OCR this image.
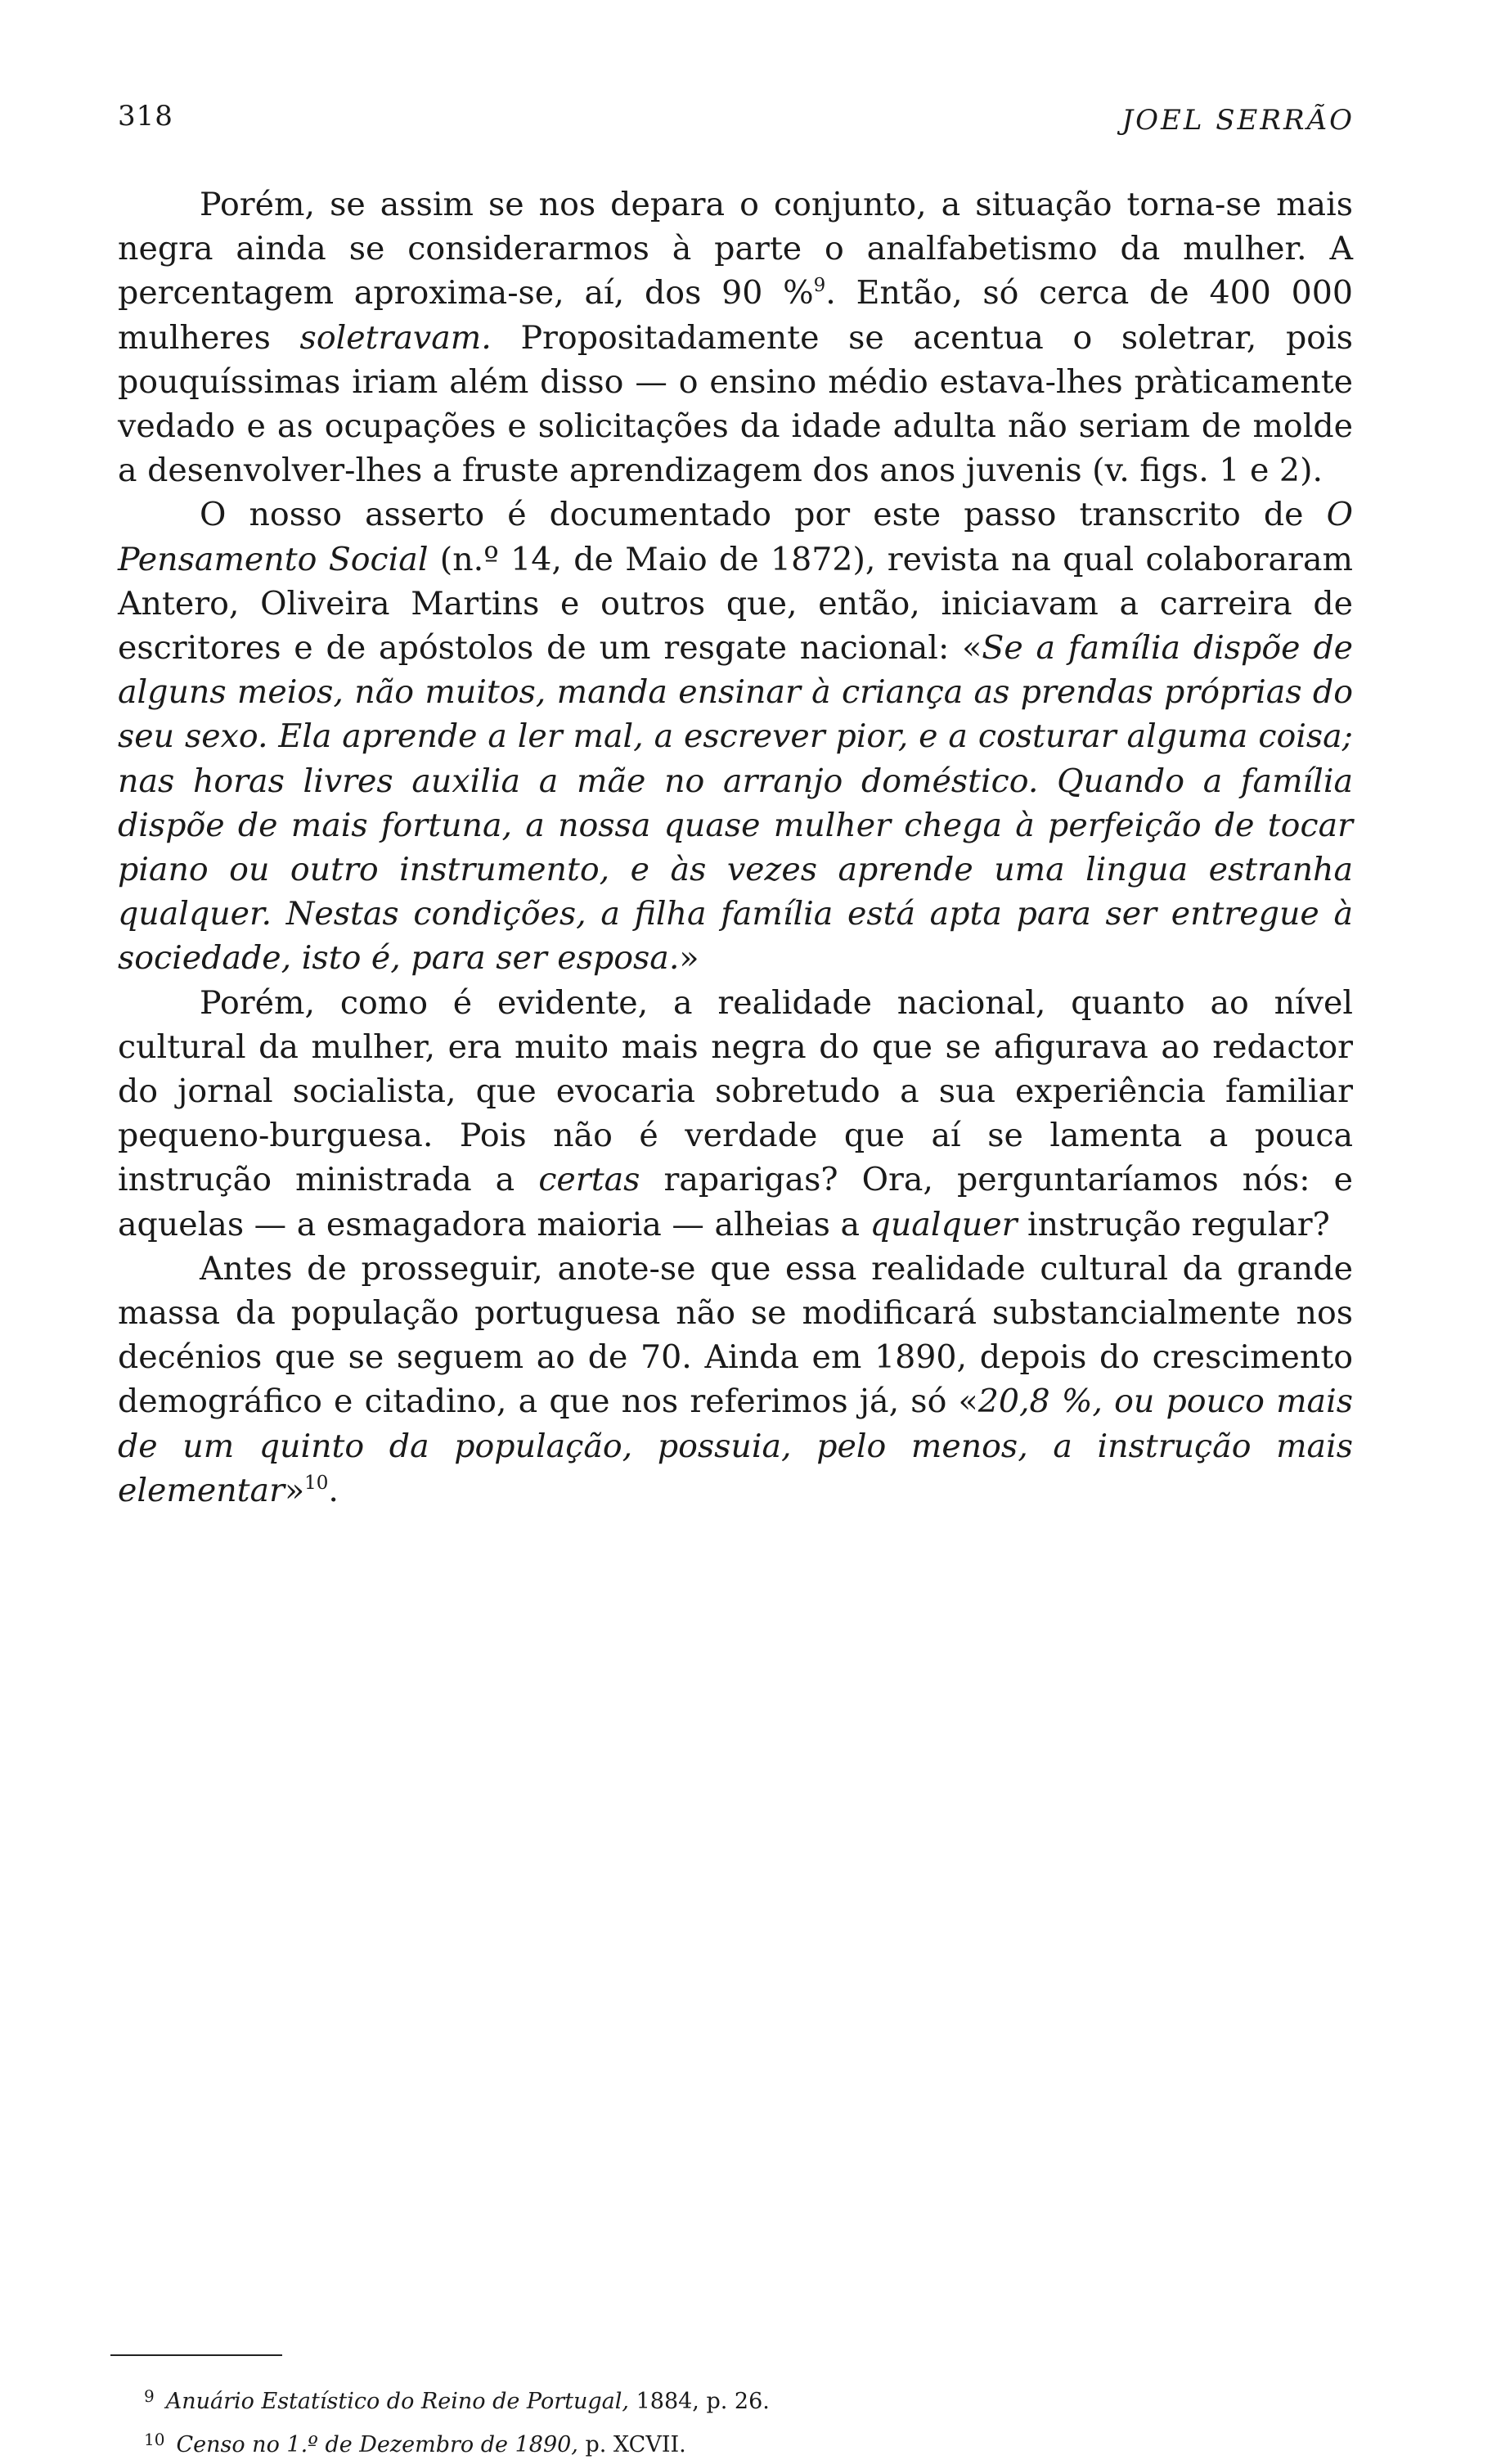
318	JOEL SERRÃO

Porém, se assim se nos depara o conjunto, a situação torna-se mais negra ainda se considerarmos à parte o analfabetismo da mulher. A percentagem aproxima-se, aí, dos 90 %$^9$. Então, só cerca de 400 000 mulheres soletravam. Propositadamente se acentua o soletrar, pois pouquíssimas iriam além disso — o ensino médio estava-lhes pràticamente vedado e as ocupações e solicitações da idade adulta não seriam de molde a desenvolver-lhes a fruste aprendizagem dos anos juvenis (v. figs. 1 e 2).

O nosso asserto é documentado por este passo transcrito de O Pensamento Social (n.º 14, de Maio de 1872), revista na qual colaboraram Antero, Oliveira Martins e outros que, então, iniciavam a carreira de escritores e de apóstolos de um resgate nacional: «Se a família dispõe de alguns meios, não muitos, manda ensinar à criança as prendas próprias do seu sexo. Ela aprende a ler mal, a escrever pior, e a costurar alguma coisa; nas horas livres auxilia a mãe no arranjo doméstico. Quando a família dispõe de mais fortuna, a nossa quase mulher chega à perfeição de tocar piano ou outro instrumento, e às vezes aprende uma lingua estranha qualquer. Nestas condições, a filha família está apta para ser entregue à sociedade, isto é, para ser esposa.»

Porém, como é evidente, a realidade nacional, quanto ao nível cultural da mulher, era muito mais negra do que se afigurava ao redactor do jornal socialista, que evocaria sobretudo a sua experiência familiar pequeno-burguesa. Pois não é verdade que aí se lamenta a pouca instrução ministrada a certas raparigas? Ora, perguntaríamos nós: e aquelas — a esmagadora maioria — alheias a qualquer instrução regular?

Antes de prosseguir, anote-se que essa realidade cultural da grande massa da população portuguesa não se modificará substancialmente nos decénios que se seguem ao de 70. Ainda em 1890, depois do crescimento demográfico e citadino, a que nos referimos já, só «20,8 %, ou pouco mais de um quinto da população, possuia, pelo menos, a instrução mais elementar»$^{10}$.

$^9$ Anuário Estatístico do Reino de Portugal, 1884, p. 26.

$^{10}$ Censo no 1.º de Dezembro de 1890, p. XCVII.
